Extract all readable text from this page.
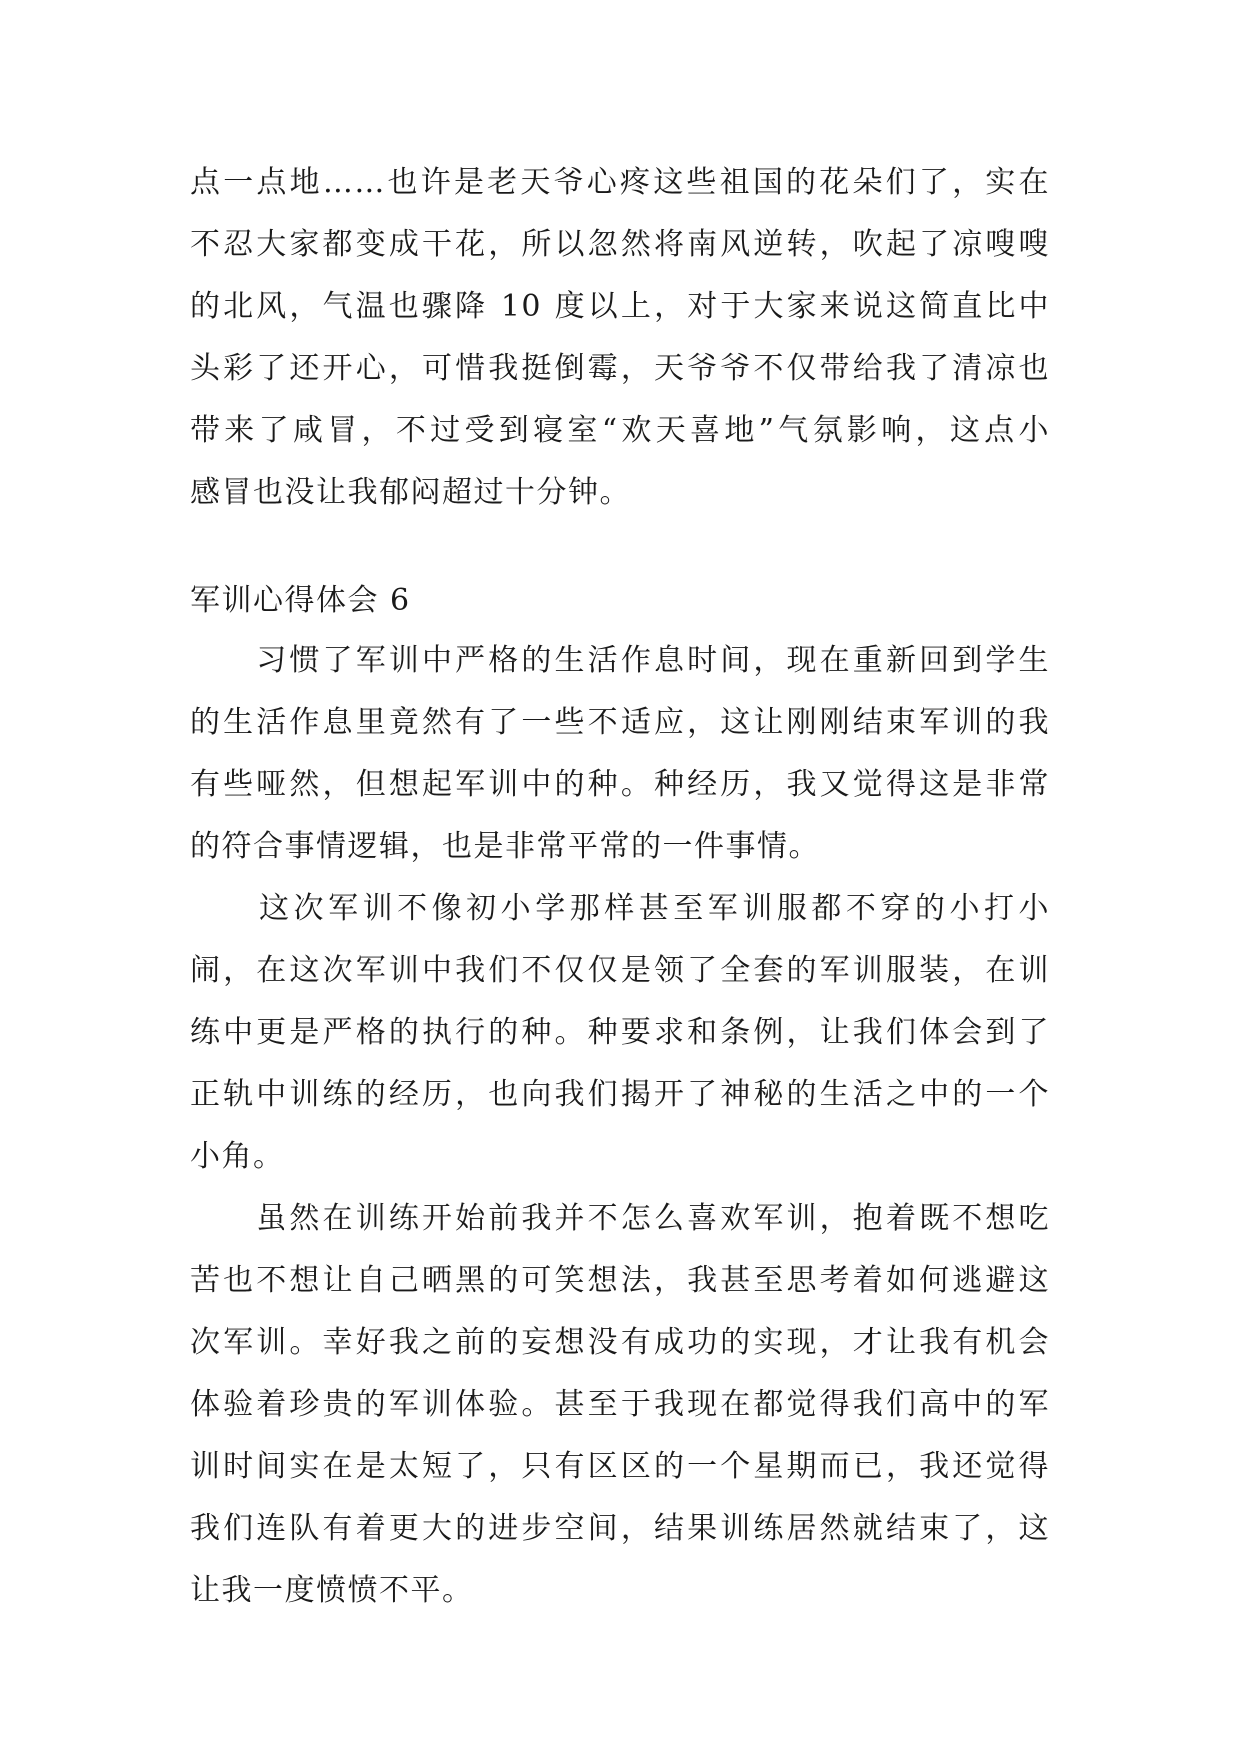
点一点地……也许是老天爷心疼这些祖国的花朵们了，实在
不忍大家都变成干花，所以忽然将南风逆转，吹起了凉嗖嗖
的北风，气温也骤降 10 度以上，对于大家来说这简直比中
头彩了还开心，可惜我挺倒霉，天爷爷不仅带给我了清凉也
带来了咸冒，不过受到寝室“欢天喜地”气氛影响，这点小
感冒也没让我郁闷超过十分钟。
军训心得体会 6
　　习惯了军训中严格的生活作息时间，现在重新回到学生
的生活作息里竟然有了一些不适应，这让刚刚结束军训的我
有些哑然，但想起军训中的种。种经历，我又觉得这是非常
的符合事情逻辑，也是非常平常的一件事情。
　　这次军训不像初小学那样甚至军训服都不穿的小打小
闹，在这次军训中我们不仅仅是领了全套的军训服装，在训
练中更是严格的执行的种。种要求和条例，让我们体会到了
正轨中训练的经历，也向我们揭开了神秘的生活之中的一个
小角。
　　虽然在训练开始前我并不怎么喜欢军训，抱着既不想吃
苦也不想让自己晒黑的可笑想法，我甚至思考着如何逃避这
次军训。幸好我之前的妄想没有成功的实现，才让我有机会
体验着珍贵的军训体验。甚至于我现在都觉得我们高中的军
训时间实在是太短了，只有区区的一个星期而已，我还觉得
我们连队有着更大的进步空间，结果训练居然就结束了，这
让我一度愤愤不平。
